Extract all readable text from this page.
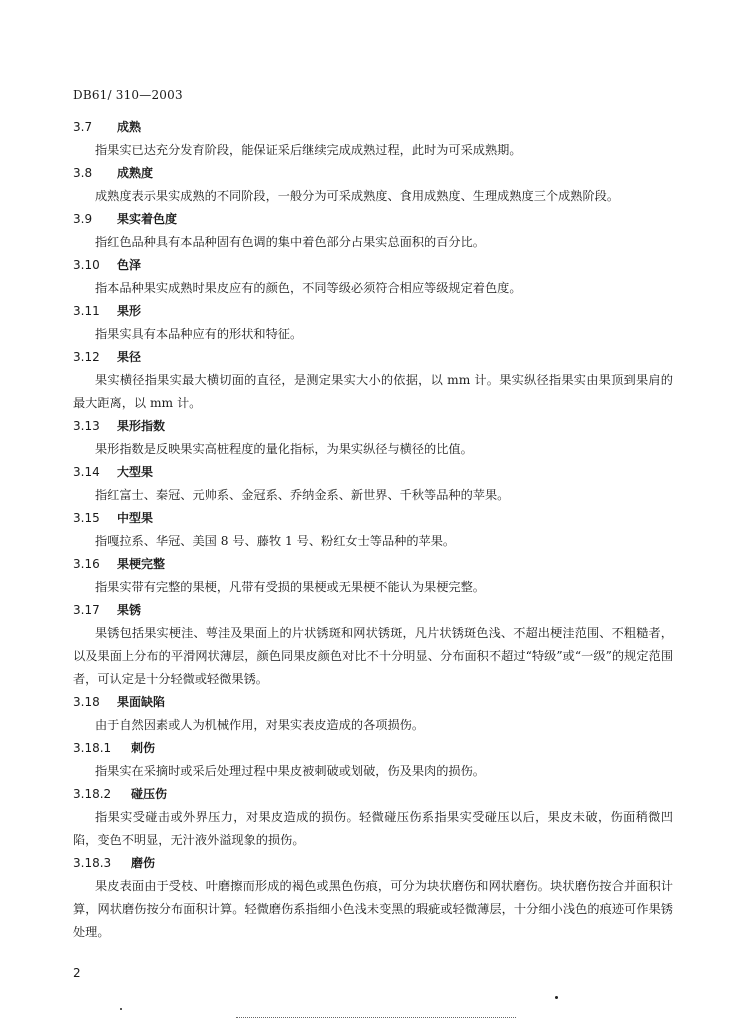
DB61/ 310—2003
3.7 成熟

指果实已达充分发育阶段，能保证采后继续完成成熟过程，此时为可采成熟期。

3.8 成熟度

成熟度表示果实成熟的不同阶段，一般分为可采成熟度、食用成熟度、生理成熟度三个成熟阶段。

3.9 果实着色度

指红色品种具有本品种固有色调的集中着色部分占果实总面积的百分比。

3.10 色泽

指本品种果实成熟时果皮应有的颜色，不同等级必须符合相应等级规定着色度。

3.11 果形

指果实具有本品种应有的形状和特征。

3.12 果径

果实横径指果实最大横切面的直径，是测定果实大小的依据，以 mm 计。果实纵径指果实由果顶到果肩的最大距离，以 mm 计。

3.13 果形指数

果形指数是反映果实高桩程度的量化指标，为果实纵径与横径的比值。

3.14 大型果

指红富士、秦冠、元帅系、金冠系、乔纳金系、新世界、千秋等品种的苹果。

3.15 中型果

指嘎拉系、华冠、美国 8 号、藤牧 1 号、粉红女士等品种的苹果。

3.16 果梗完整

指果实带有完整的果梗，凡带有受损的果梗或无果梗不能认为果梗完整。

3.17 果锈

果锈包括果实梗洼、萼洼及果面上的片状锈斑和网状锈斑，凡片状锈斑色浅、不超出梗洼范围、不粗糙者，以及果面上分布的平滑网状薄层，颜色同果皮颜色对比不十分明显、分布面积不超过“特级”或“一级”的规定范围者，可认定是十分轻微或轻微果锈。

3.18 果面缺陷

由于自然因素或人为机械作用，对果实表皮造成的各项损伤。

3.18.1 刺伤

指果实在采摘时或采后处理过程中果皮被刺破或划破，伤及果肉的损伤。

3.18.2 碰压伤

指果实受碰击或外界压力，对果皮造成的损伤。轻微碰压伤系指果实受碰压以后，果皮未破，伤面稍微凹陷，变色不明显，无汁液外溢现象的损伤。

3.18.3 磨伤

果皮表面由于受枝、叶磨擦而形成的褐色或黑色伤痕，可分为块状磨伤和网状磨伤。块状磨伤按合并面积计算，网状磨伤按分布面积计算。轻微磨伤系指细小色浅未变黑的瑕疵或轻微薄层，十分细小浅色的痕迹可作果锈处理。

2
